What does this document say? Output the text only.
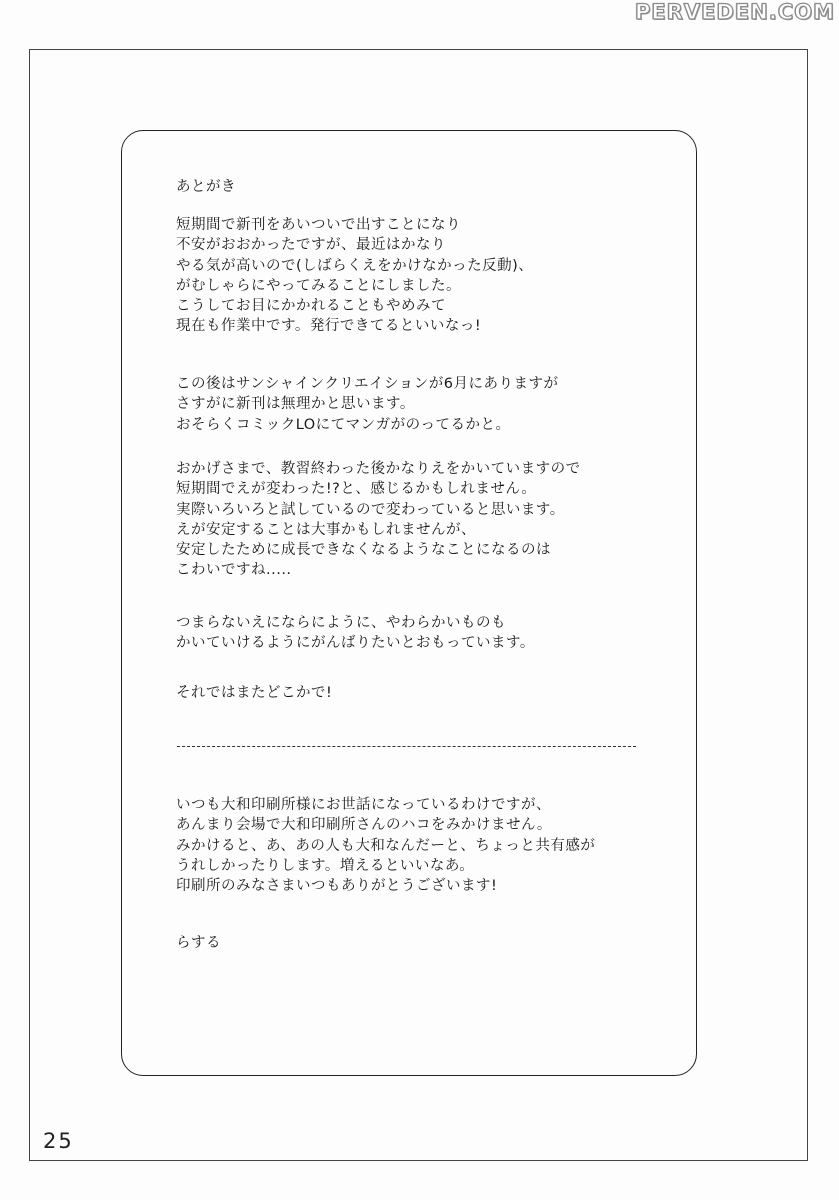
PERVEDEN.COM
あとがき
短期間で新刊をあいついで出すことになり
不安がおおかったですが、最近はかなり
やる気が高いので(しばらくえをかけなかった反動)、
がむしゃらにやってみることにしました。
こうしてお目にかかれることもやめみて
現在も作業中です。発行できてるといいなっ!
この後はサンシャインクリエイションが6月にありますが
さすがに新刊は無理かと思います。
おそらくコミックLOにてマンガがのってるかと。
おかげさまで、教習終わった後かなりえをかいていますので
短期間でえが変わった!?と、感じるかもしれません。
実際いろいろと試しているので変わっていると思います。
えが安定することは大事かもしれませんが、
安定したために成長できなくなるようなことになるのは
こわいですね.....
つまらないえにならにように、やわらかいものも
かいていけるようにがんばりたいとおもっています。
それではまたどこかで!
いつも大和印刷所様にお世話になっているわけですが、
あんまり会場で大和印刷所さんのハコをみかけません。
みかけると、あ、あの人も大和なんだーと、ちょっと共有感が
うれしかったりします。増えるといいなあ。
印刷所のみなさまいつもありがとうございます!
らする
25
